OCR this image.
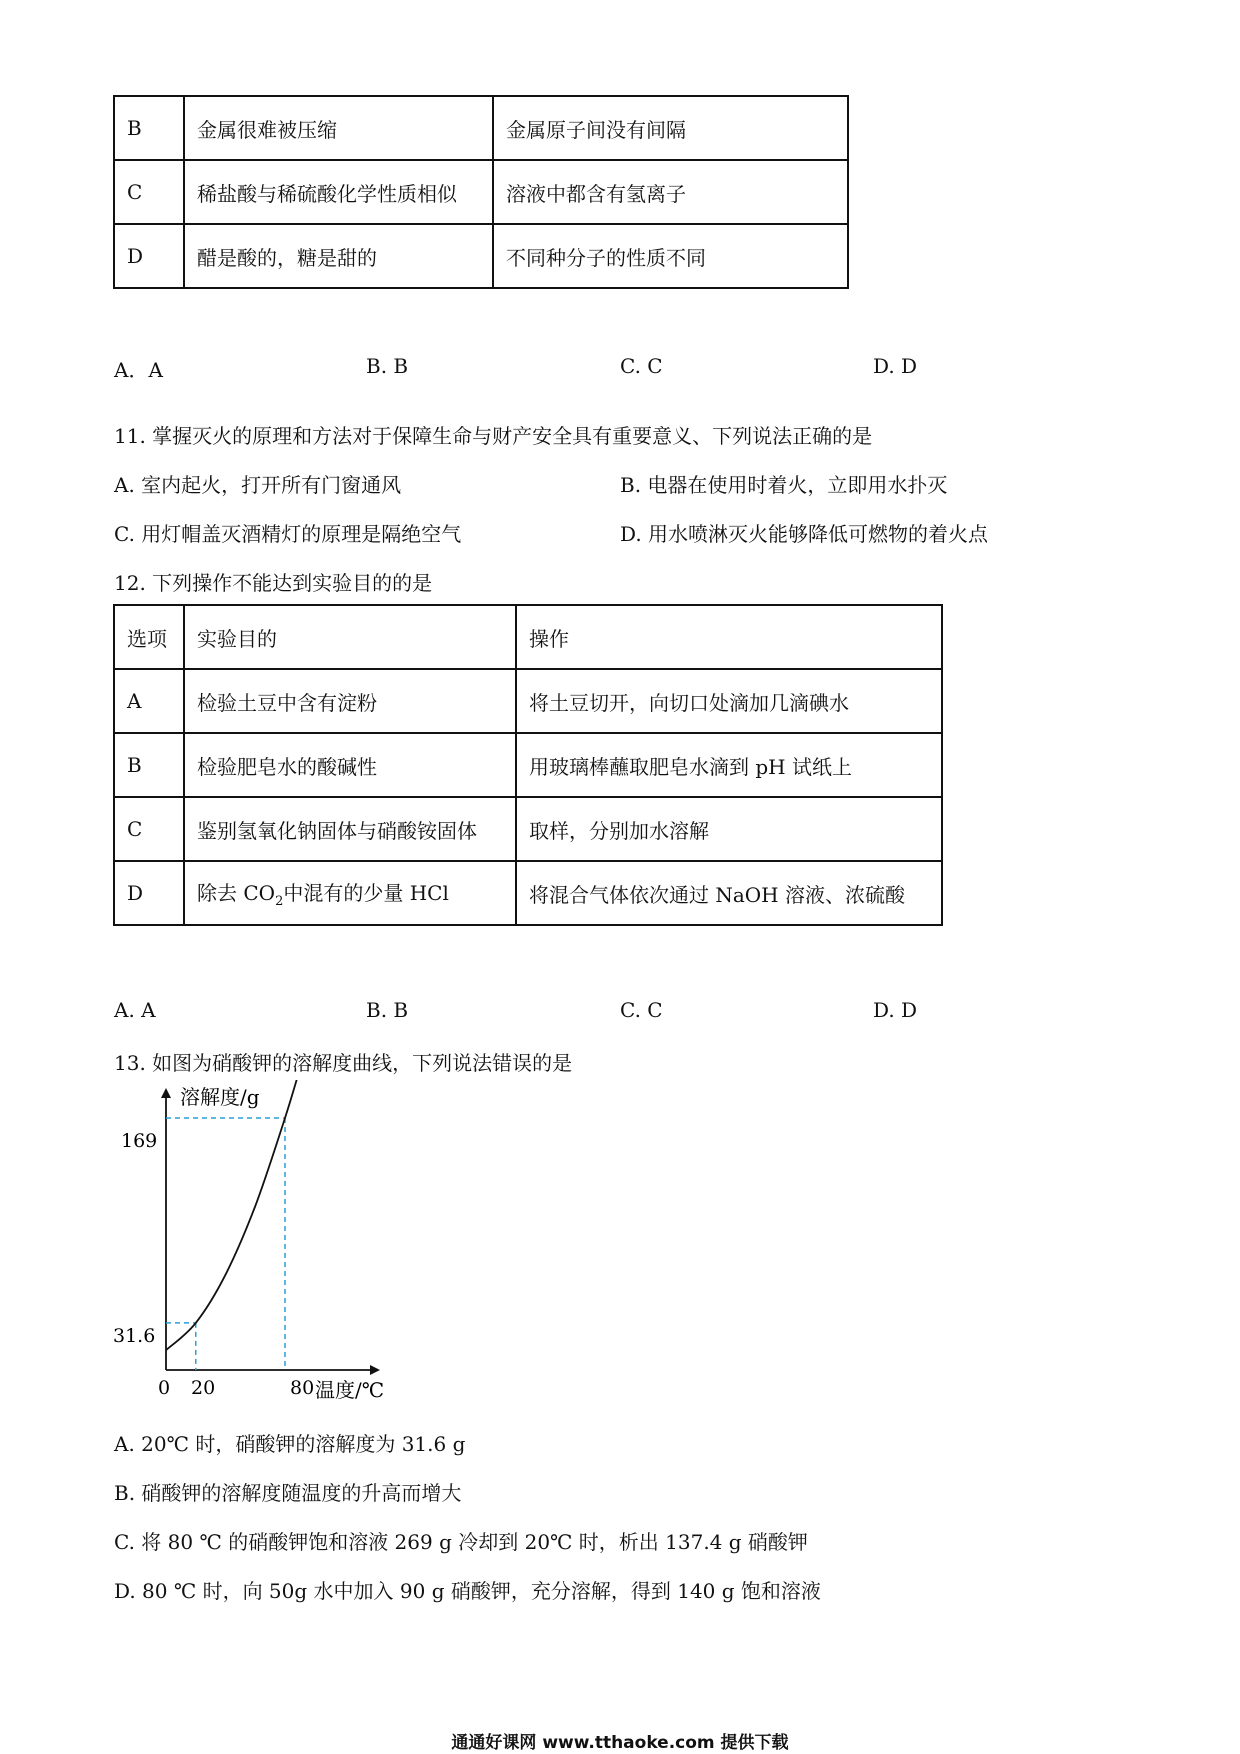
B	金属很难被压缩	金属原子间没有间隔
C	稀盐酸与稀硫酸化学性质相似	溶液中都含有氢离子
D	醋是酸的，糖是甜的	不同种分子的性质不同
A．A	B. B	C. C	D. D
11. 掌握灭火的原理和方法对于保障生命与财产安全具有重要意义、下列说法正确的是
A. 室内起火，打开所有门窗通风	B. 电器在使用时着火，立即用水扑灭
C. 用灯帽盖灭酒精灯的原理是隔绝空气	D. 用水喷淋灭火能够降低可燃物的着火点
12. 下列操作不能达到实验目的的是
选项	实验目的	操作
A	检验土豆中含有淀粉	将土豆切开，向切口处滴加几滴碘水
B	检验肥皂水的酸碱性	用玻璃棒蘸取肥皂水滴到 pH 试纸上
C	鉴别氢氧化钠固体与硝酸铵固体	取样，分别加水溶解
D	除去 $CO_2$中混有的少量 HCl	将混合气体依次通过 NaOH 溶液、浓硫酸
A. A	B. B	C. C	D. D
13. 如图为硝酸钾的溶解度曲线，下列说法错误的是
溶解度/g
温度/℃
0 20	80
31.6
169
A. 20℃ 时，硝酸钾的溶解度为 31.6 g
B. 硝酸钾的溶解度随温度的升高而增大
C. 将 80 ℃ 的硝酸钾饱和溶液 269 g 冷却到 20℃ 时，析出 137.4 g 硝酸钾
D. 80 ℃ 时，向 50g 水中加入 90 g 硝酸钾，充分溶解，得到 140 g 饱和溶液
通通好课网 www.tthaoke.com 提供下载
